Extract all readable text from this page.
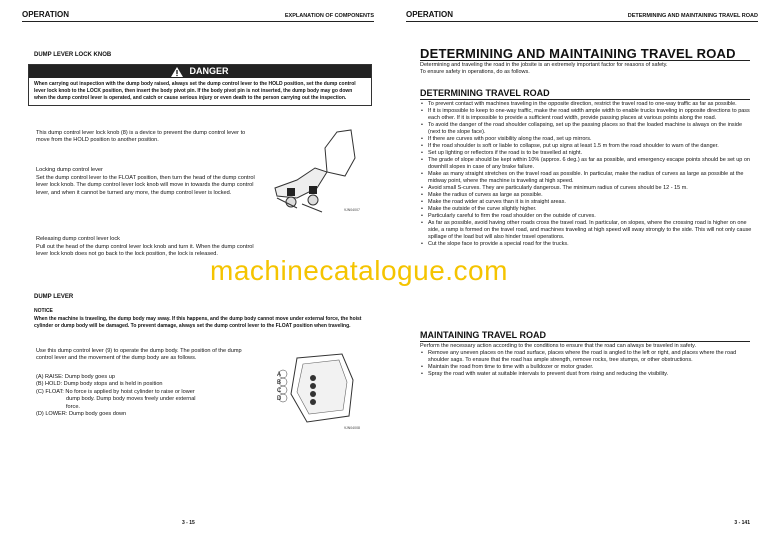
OPERATION	EXPLANATION OF COMPONENTS
DUMP LEVER LOCK KNOB
DANGER
When carrying out inspection with the dump body raised, always set the dump control lever to the HOLD position, set the dump control lever lock knob to the LOCK position, then insert the body pivot pin. If the body pivot pin is not inserted, the dump body may go down when the dump control lever is operated, and catch or cause serious injury or even death to the person carrying out the inspection.
This dump control lever lock knob (8) is a device to prevent the dump control lever to move from the HOLD position to another position.
Locking dump control lever
Set the dump control lever to the FLOAT position, then turn the head of the dump control lever lock knob. The dump control lever lock knob will move in towards the dump control lever, and when it cannot be turned any more, the dump control lever is locked.
Releasing dump control lever lock
Pull out the head of the dump control lever lock knob and turn it. When the dump control lever lock knob does not go back to the lock position, the lock is released.
9JN04007
DUMP LEVER
NOTICE
When the machine is traveling, the dump body may sway. If this happens, and the dump body cannot move under external force, the hoist cylinder or dump body will be damaged. To prevent damage, always set the dump control lever to the FLOAT position when traveling.
Use this dump control lever (9) to operate the dump body. The position of the dump control lever and the movement of the dump body are as follows.
(A) RAISE: Dump body goes up
(B) HOLD: Dump body stops and is held in position
(C) FLOAT: No force is applied by hoist cylinder to raise or lower
dump body. Dump body moves freely under external
force.
(D) LOWER: Dump body goes down
A
B
C
D
9JN04008
3 - 15
OPERATION	DETERMINING AND MAINTAINING TRAVEL ROAD
DETERMINING AND MAINTAINING TRAVEL ROAD
Determining and traveling the road in the jobsite is an extremely important factor for reasons of safety.
To ensure safety in operations, do as follows.
DETERMINING TRAVEL ROAD
• To prevent contact with machines traveling in the opposite direction, restrict the travel road to one-way traffic as far as possible.
• If it is impossible to keep to one-way traffic, make the road width ample width to enable trucks traveling in opposite directions to pass each other. If it is impossible to provide a sufficient road width, provide passing places at various points along the road.
• To avoid the danger of the road shoulder collapsing, set up the passing places so that the loaded machine is always on the inside (next to the slope face).
• If there are curves with poor visibility along the road, set up mirrors.
• If the road shoulder is soft or liable to collapse, put up signs at least 1.5 m from the road shoulder to warn of the danger.
• Set up lighting or reflectors if the road is to be travelled at night.
• The grade of slope should be kept within 10% (approx. 6 deg.) as far as possible, and emergency escape points should be set up on downhill slopes in case of any brake failure.
• Make as many straight stretches on the travel road as possible. In particular, make the radius of curves as large as possible at the midway point, where the machine is traveling at high speed.
• Avoid small S-curves. They are particularly dangerous. The minimum radius of curves should be 12 - 15 m.
• Make the radius of curves as large as possible.
• Make the road wider at curves than it is in straight areas.
• Make the outside of the curve slightly higher.
• Particularly careful to firm the road shoulder on the outside of curves.
• As far as possible, avoid having other roads cross the travel road. In particular, on slopes, where the crossing road is higher on one side, a ramp is formed on the travel road, and machines traveling at high speed will sway strongly to the side. This will not only cause spillage of the load but will also hinder travel operations.
• Cut the slope face to provide a special road for the trucks.
MAINTAINING TRAVEL ROAD
Perform the necessary action according to the conditions to ensure that the road can always be traveled in safety.
• Remove any uneven places on the road surface, places where the road is angled to the left or right, and places where the road shoulder sags. To ensure that the road has ample strength, remove rocks, tree stumps, or other obstructions.
• Maintain the road from time to time with a bulldozer or motor grader.
• Spray the road with water at suitable intervals to prevent dust from rising and reducing the visibility.
3 - 141
machinecatalogue.com
